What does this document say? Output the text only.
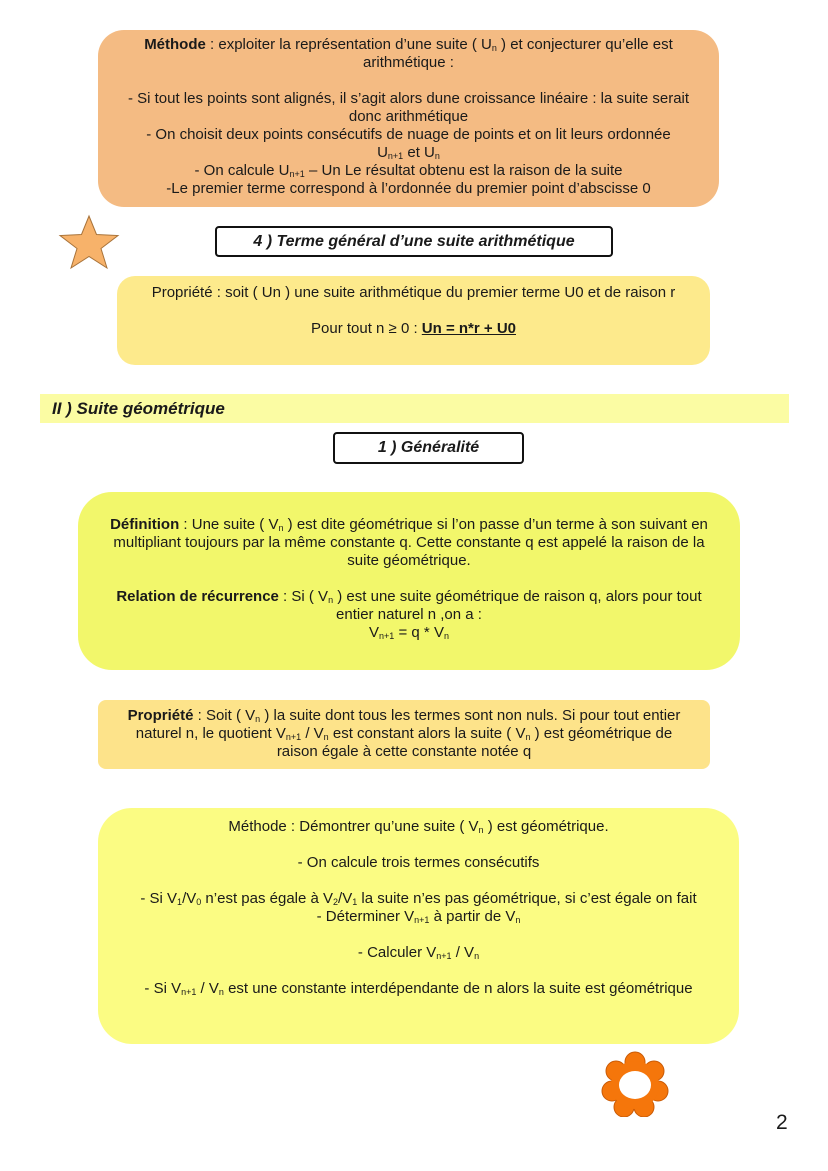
Méthode : exploiter la représentation d’une suite ( $U_n$ ) et conjecturer qu’elle est arithmétique :

- Si tout les points sont alignés, il s’agit alors dune croissance linéaire : la suite serait donc arithmétique

- On choisit deux points consécutifs de nuage de points et on lit leurs ordonnée

$U_{n+1}$ et $U_n$

- On calcule $U_{n+1}$ – Un Le résultat obtenu est la raison de la suite

-Le premier terme correspond à l’ordonnée du premier point d’abscisse 0

4 ) Terme général d’une suite arithmétique

Propriété : soit ( Un ) une suite arithmétique du premier terme U0 et de raison r

Pour tout n ≥ 0 : Un = n*r + U0

II ) Suite géométrique
1 ) Généralité

Définition : Une suite ( $V_n$ ) est dite géométrique si l’on passe d’un terme à son suivant en multipliant toujours par la même constante q. Cette constante q est appelé la raison de la suite géométrique.

Relation de récurrence : Si ( $V_n$ ) est une suite géométrique de raison q, alors pour tout entier naturel n ,on a :

$V_{n+1} = q * V_n$

Propriété : Soit ( $V_n$ ) la suite dont tous les termes sont non nuls. Si pour tout entier naturel n, le quotient $V_{n+1} / V_n$ est constant alors la suite ( $V_n$ ) est géométrique de raison égale à cette constante notée q

Méthode : Démontrer qu’une suite ( $V_n$ ) est géométrique.

- On calcule trois termes consécutifs

- Si $V_1/V_0$ n’est pas égale à $V_2/V_1$ la suite n’es pas géométrique, si c’est égale on fait

- Déterminer $V_{n+1}$ à partir de $V_n$

- Calculer $V_{n+1} / V_n$

- Si $V_{n+1} / V_n$ est une constante interdépendante de n alors la suite est géométrique

2
